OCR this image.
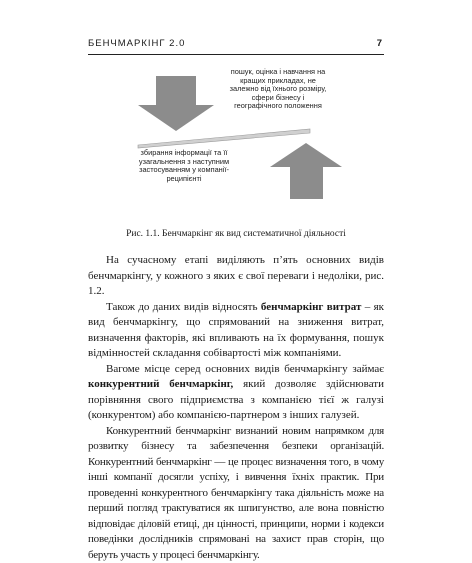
БЕНЧМАРКІНГ 2.0	7
пошук, оцінка і навчання на кращих прикладах, не залежно від їхнього розміру, сфери бізнесу і географічного положення
збирання інформації та її узагальнення з наступним застосуванням у компанії-реципієнті
Рис. 1.1. Бенчмаркінг як вид систематичної діяльності

На сучасному етапі виділяють п’ять основних видів бенчмаркінгу, у кожного з яких є свої переваги і недоліки, рис. 1.2.

Також до даних видів відносять бенчмаркінг витрат – як вид бенчмаркінгу, що спрямований на зниження витрат, визначення факторів, які впливають на їх формування, пошук відмінностей складання собівартості між компаніями.

Вагоме місце серед основних видів бенчмаркінгу займає конкурентний бенчмаркінг, який дозволяє здійснювати порівняння свого підприємства з компанією тієї ж галузі (конкурентом) або компанією-партнером з інших галузей.

Конкурентний бенчмаркінг визнаний новим напрямком для розвитку бізнесу та забезпечення безпеки організацій. Конкурентний бенчмаркінг — це процес визначення того, в чому інші компанії досягли успіху, і вивчення їхніх практик. При проведенні конкурентного бенчмаркінгу така діяльність може на перший погляд трактуватися як шпигунство, але вона повністю відповідає діловій етиці, дн цінності, принципи, норми і кодекси поведінки дослідників спрямовані на захист прав сторін, що беруть участь у процесі бенчмаркінгу.
